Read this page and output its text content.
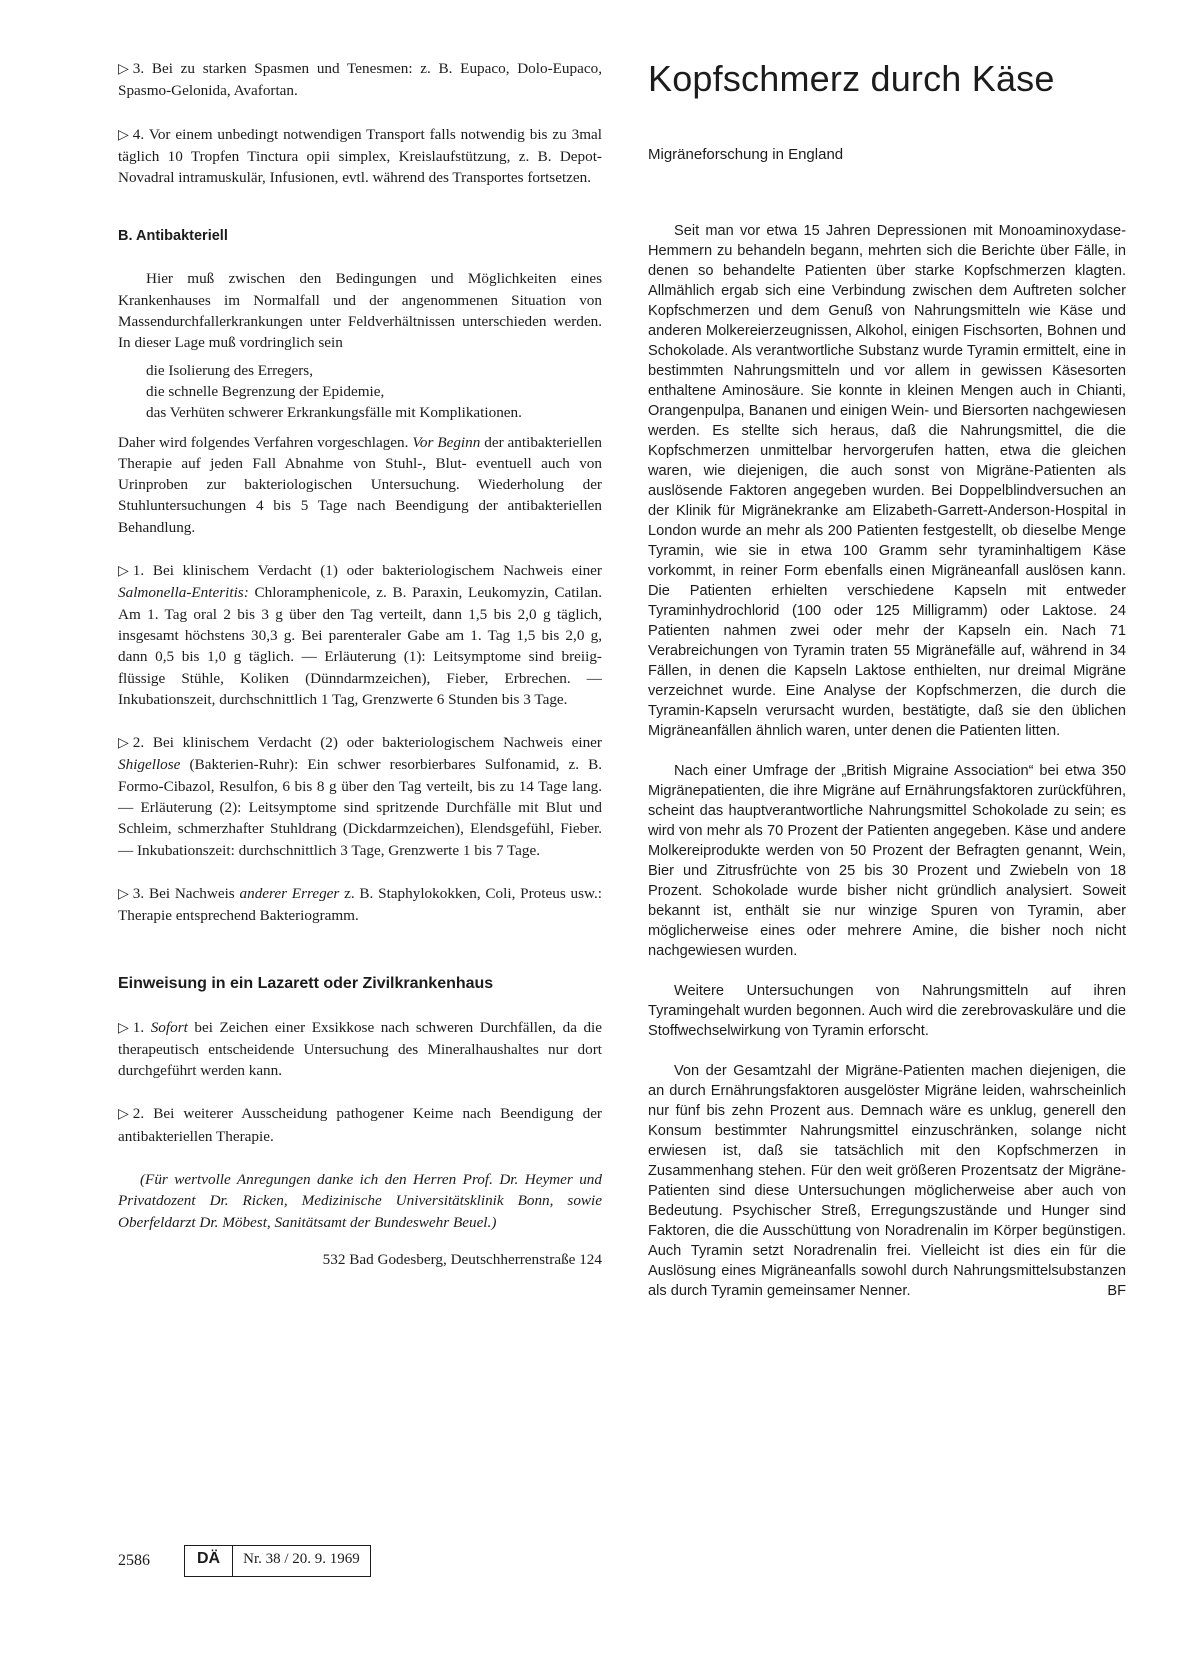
▷ 3. Bei zu starken Spasmen und Tenesmen: z. B. Eupaco, Dolo-Eupaco, Spasmo-Gelonida, Avafortan.

▷ 4. Vor einem unbedingt notwendigen Transport falls notwendig bis zu 3mal täglich 10 Tropfen Tinctura opii simplex, Kreislaufstützung, z. B. Depot-Novadral intramuskulär, Infusionen, evtl. während des Transportes fortsetzen.

B. Antibakteriell

Hier muß zwischen den Bedingungen und Möglichkeiten eines Krankenhauses im Normalfall und der angenommenen Situation von Massendurchfallerkrankungen unter Feldverhältnissen unterschieden werden. In dieser Lage muß vordringlich sein

die Isolierung des Erregers,
die schnelle Begrenzung der Epidemie,
das Verhüten schwerer Erkrankungsfälle mit Komplikationen.

Daher wird folgendes Verfahren vorgeschlagen. Vor Beginn der antibakteriellen Therapie auf jeden Fall Abnahme von Stuhl-, Blut- eventuell auch von Urinproben zur bakteriologischen Untersuchung. Wiederholung der Stuhluntersuchungen 4 bis 5 Tage nach Beendigung der antibakteriellen Behandlung.

▷ 1. Bei klinischem Verdacht (1) oder bakteriologischem Nachweis einer Salmonella-Enteritis: Chloramphenicole, z. B. Paraxin, Leukomyzin, Catilan. Am 1. Tag oral 2 bis 3 g über den Tag verteilt, dann 1,5 bis 2,0 g täglich, insgesamt höchstens 30,3 g. Bei parenteraler Gabe am 1. Tag 1,5 bis 2,0 g, dann 0,5 bis 1,0 g täglich. — Erläuterung (1): Leitsymptome sind breiig-flüssige Stühle, Koliken (Dünndarmzeichen), Fieber, Erbrechen. — Inkubationszeit, durchschnittlich 1 Tag, Grenzwerte 6 Stunden bis 3 Tage.

▷ 2. Bei klinischem Verdacht (2) oder bakteriologischem Nachweis einer Shigellose (Bakterien-Ruhr): Ein schwer resorbierbares Sulfonamid, z. B. Formo-Cibazol, Resulfon, 6 bis 8 g über den Tag verteilt, bis zu 14 Tage lang. — Erläuterung (2): Leitsymptome sind spritzende Durchfälle mit Blut und Schleim, schmerzhafter Stuhldrang (Dickdarmzeichen), Elendsgefühl, Fieber. — Inkubationszeit: durchschnittlich 3 Tage, Grenzwerte 1 bis 7 Tage.

▷ 3. Bei Nachweis anderer Erreger z. B. Staphylokokken, Coli, Proteus usw.: Therapie entsprechend Bakteriogramm.

Einweisung in ein Lazarett oder Zivilkrankenhaus

▷ 1. Sofort bei Zeichen einer Exsikkose nach schweren Durchfällen, da die therapeutisch entscheidende Untersuchung des Mineralhaushaltes nur dort durchgeführt werden kann.

▷ 2. Bei weiterer Ausscheidung pathogener Keime nach Beendigung der antibakteriellen Therapie.

(Für wertvolle Anregungen danke ich den Herren Prof. Dr. Heymer und Privatdozent Dr. Ricken, Medizinische Universitätsklinik Bonn, sowie Oberfeldarzt Dr. Möbest, Sanitätsamt der Bundeswehr Beuel.)

532 Bad Godesberg, Deutschherrenstraße 124

Kopfschmerz durch Käse
Migräneforschung in England

Seit man vor etwa 15 Jahren Depressionen mit Monoaminoxydase-Hemmern zu behandeln begann, mehrten sich die Berichte über Fälle, in denen so behandelte Patienten über starke Kopfschmerzen klagten. Allmählich ergab sich eine Verbindung zwischen dem Auftreten solcher Kopfschmerzen und dem Genuß von Nahrungsmitteln wie Käse und anderen Molkereierzeugnissen, Alkohol, einigen Fischsorten, Bohnen und Schokolade. Als verantwortliche Substanz wurde Tyramin ermittelt, eine in bestimmten Nahrungsmitteln und vor allem in gewissen Käsesorten enthaltene Aminosäure. Sie konnte in kleinen Mengen auch in Chianti, Orangenpulpa, Bananen und einigen Wein- und Biersorten nachgewiesen werden. Es stellte sich heraus, daß die Nahrungsmittel, die die Kopfschmerzen unmittelbar hervorgerufen hatten, etwa die gleichen waren, wie diejenigen, die auch sonst von Migräne-Patienten als auslösende Faktoren angegeben wurden. Bei Doppelblindversuchen an der Klinik für Migränekranke am Elizabeth-Garrett-Anderson-Hospital in London wurde an mehr als 200 Patienten festgestellt, ob dieselbe Menge Tyramin, wie sie in etwa 100 Gramm sehr tyraminhaltigem Käse vorkommt, in reiner Form ebenfalls einen Migräneanfall auslösen kann. Die Patienten erhielten verschiedene Kapseln mit entweder Tyraminhydrochlorid (100 oder 125 Milligramm) oder Laktose. 24 Patienten nahmen zwei oder mehr der Kapseln ein. Nach 71 Verabreichungen von Tyramin traten 55 Migränefälle auf, während in 34 Fällen, in denen die Kapseln Laktose enthielten, nur dreimal Migräne verzeichnet wurde. Eine Analyse der Kopfschmerzen, die durch die Tyramin-Kapseln verursacht wurden, bestätigte, daß sie den üblichen Migräneanfällen ähnlich waren, unter denen die Patienten litten.

Nach einer Umfrage der „British Migraine Association“ bei etwa 350 Migränepatienten, die ihre Migräne auf Ernährungsfaktoren zurückführen, scheint das hauptverantwortliche Nahrungsmittel Schokolade zu sein; es wird von mehr als 70 Prozent der Patienten angegeben. Käse und andere Molkereiprodukte werden von 50 Prozent der Befragten genannt, Wein, Bier und Zitrusfrüchte von 25 bis 30 Prozent und Zwiebeln von 18 Prozent. Schokolade wurde bisher nicht gründlich analysiert. Soweit bekannt ist, enthält sie nur winzige Spuren von Tyramin, aber möglicherweise eines oder mehrere Amine, die bisher noch nicht nachgewiesen wurden.

Weitere Untersuchungen von Nahrungsmitteln auf ihren Tyramingehalt wurden begonnen. Auch wird die zerebrovaskuläre und die Stoffwechselwirkung von Tyramin erforscht.

Von der Gesamtzahl der Migräne-Patienten machen diejenigen, die an durch Ernährungsfaktoren ausgelöster Migräne leiden, wahrscheinlich nur fünf bis zehn Prozent aus. Demnach wäre es unklug, generell den Konsum bestimmter Nahrungsmittel einzuschränken, solange nicht erwiesen ist, daß sie tatsächlich mit den Kopfschmerzen in Zusammenhang stehen. Für den weit größeren Prozentsatz der Migräne-Patienten sind diese Untersuchungen möglicherweise aber auch von Bedeutung. Psychischer Streß, Erregungszustände und Hunger sind Faktoren, die die Ausschüttung von Noradrenalin im Körper begünstigen. Auch Tyramin setzt Noradrenalin frei. Vielleicht ist dies ein für die Auslösung eines Migräneanfalls sowohl durch Nahrungsmittelsubstanzen als durch Tyramin gemeinsamer Nenner.	BF

2586	DÄ	Nr. 38 / 20. 9. 1969
